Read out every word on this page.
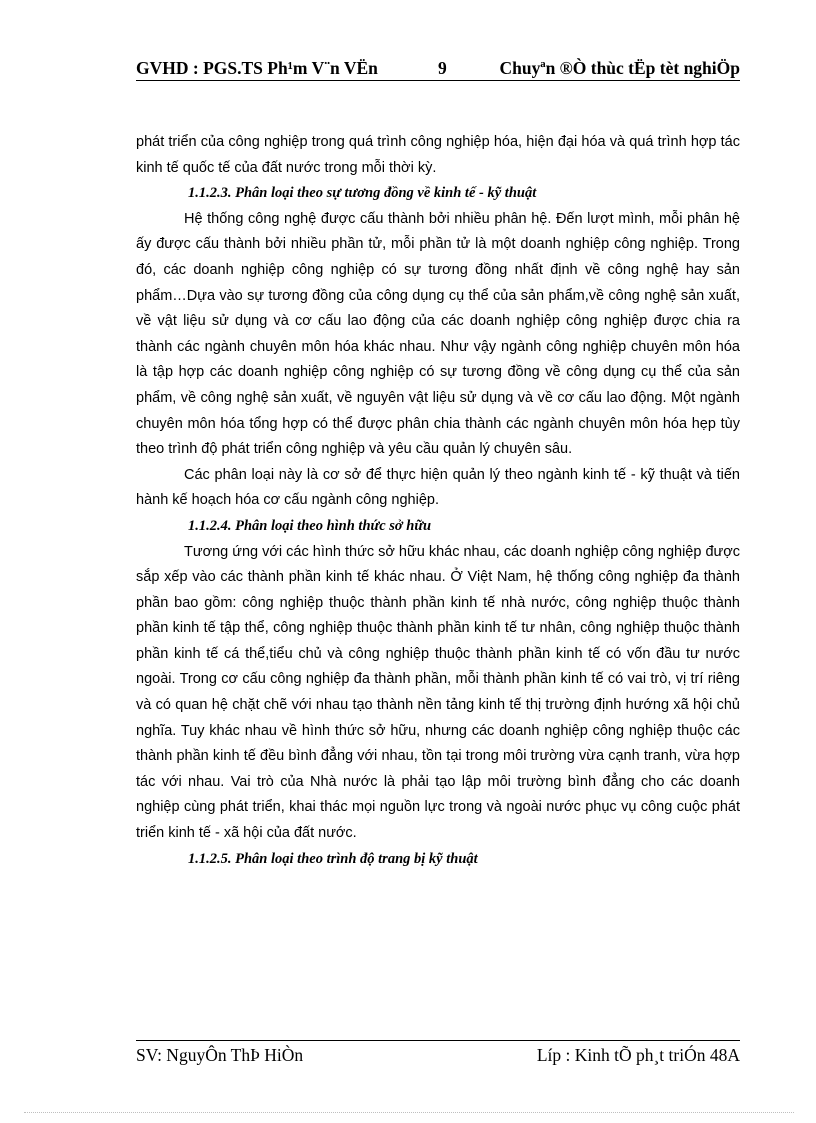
GVHD : PGS.TS Ph¹m V¨n VËn	9	Chuyªn ®Ò thùc tËp tèt nghiÖp

phát triển của công nghiệp trong quá trình công nghiệp hóa, hiện đại hóa và quá trình hợp tác kinh tế quốc tế của đất nước trong mỗi thời kỳ.

1.1.2.3. Phân loại theo sự tương đồng về kinh tế - kỹ thuật

Hệ thống công nghệ được cấu thành bởi nhiều phân hệ. Đến lượt mình, mỗi phân hệ ấy được cấu thành bởi nhiều phần tử, mỗi phần tử là một doanh nghiệp công nghiệp. Trong đó, các doanh nghiệp công nghiệp có sự tương đồng nhất định về công nghệ hay sản phẩm…Dựa vào sự tương đồng của công dụng cụ thể của sản phẩm,về công nghệ sản xuất, về vật liệu sử dụng và cơ cấu lao động của các doanh nghiệp công nghiệp được chia ra thành các ngành chuyên môn hóa khác nhau. Như vậy ngành công nghiệp chuyên môn hóa là tập hợp các doanh nghiệp công nghiệp có sự tương đồng về công dụng cụ thể của sản phẩm, về công nghệ sản xuất, về nguyên vật liệu sử dụng và về cơ cấu lao động. Một ngành chuyên môn hóa tổng hợp có thể được phân chia thành các ngành chuyên môn hóa hẹp tùy theo trình độ phát triển công nghiệp và yêu cầu quản lý chuyên sâu.

Các phân loại này là cơ sở để thực hiện quản lý theo ngành kinh tế - kỹ thuật và tiến hành kế hoạch hóa cơ cấu ngành công nghiệp.

1.1.2.4. Phân loại theo hình thức sở hữu

Tương ứng với các hình thức sở hữu khác nhau, các doanh nghiệp công nghiệp được sắp xếp vào các thành phần kinh tế khác nhau. Ở Việt Nam, hệ thống công nghiệp đa thành phần bao gồm: công nghiệp thuộc thành phần kinh tế nhà nước, công nghiệp thuộc thành phần kinh tế tập thể, công nghiệp thuộc thành phần kinh tế tư nhân, công nghiệp thuộc thành phần kinh tế cá thể,tiểu chủ và công nghiệp thuộc thành phần kinh tế có vốn đầu tư nước ngoài. Trong cơ cấu công nghiệp đa thành phần, mỗi thành phần kinh tế có vai trò, vị trí riêng và có quan hệ chặt chẽ với nhau tạo thành nền tảng kinh tế thị trường định hướng xã hội chủ nghĩa. Tuy khác nhau về hình thức sở hữu, nhưng các doanh nghiệp công nghiệp thuộc các thành phần kinh tế đều bình đẳng với nhau, tồn tại trong môi trường vừa cạnh tranh, vừa hợp tác với nhau. Vai trò của Nhà nước là phải tạo lập môi trường bình đẳng cho các doanh nghiệp cùng phát triển, khai thác mọi nguồn lực trong và ngoài nước phục vụ công cuộc phát triển kinh tế - xã hội của đất nước.

1.1.2.5. Phân loại theo trình độ trang bị kỹ thuật
SV: NguyÔn ThÞ HiÒn	Líp : Kinh tÕ ph¸t triÓn 48A
